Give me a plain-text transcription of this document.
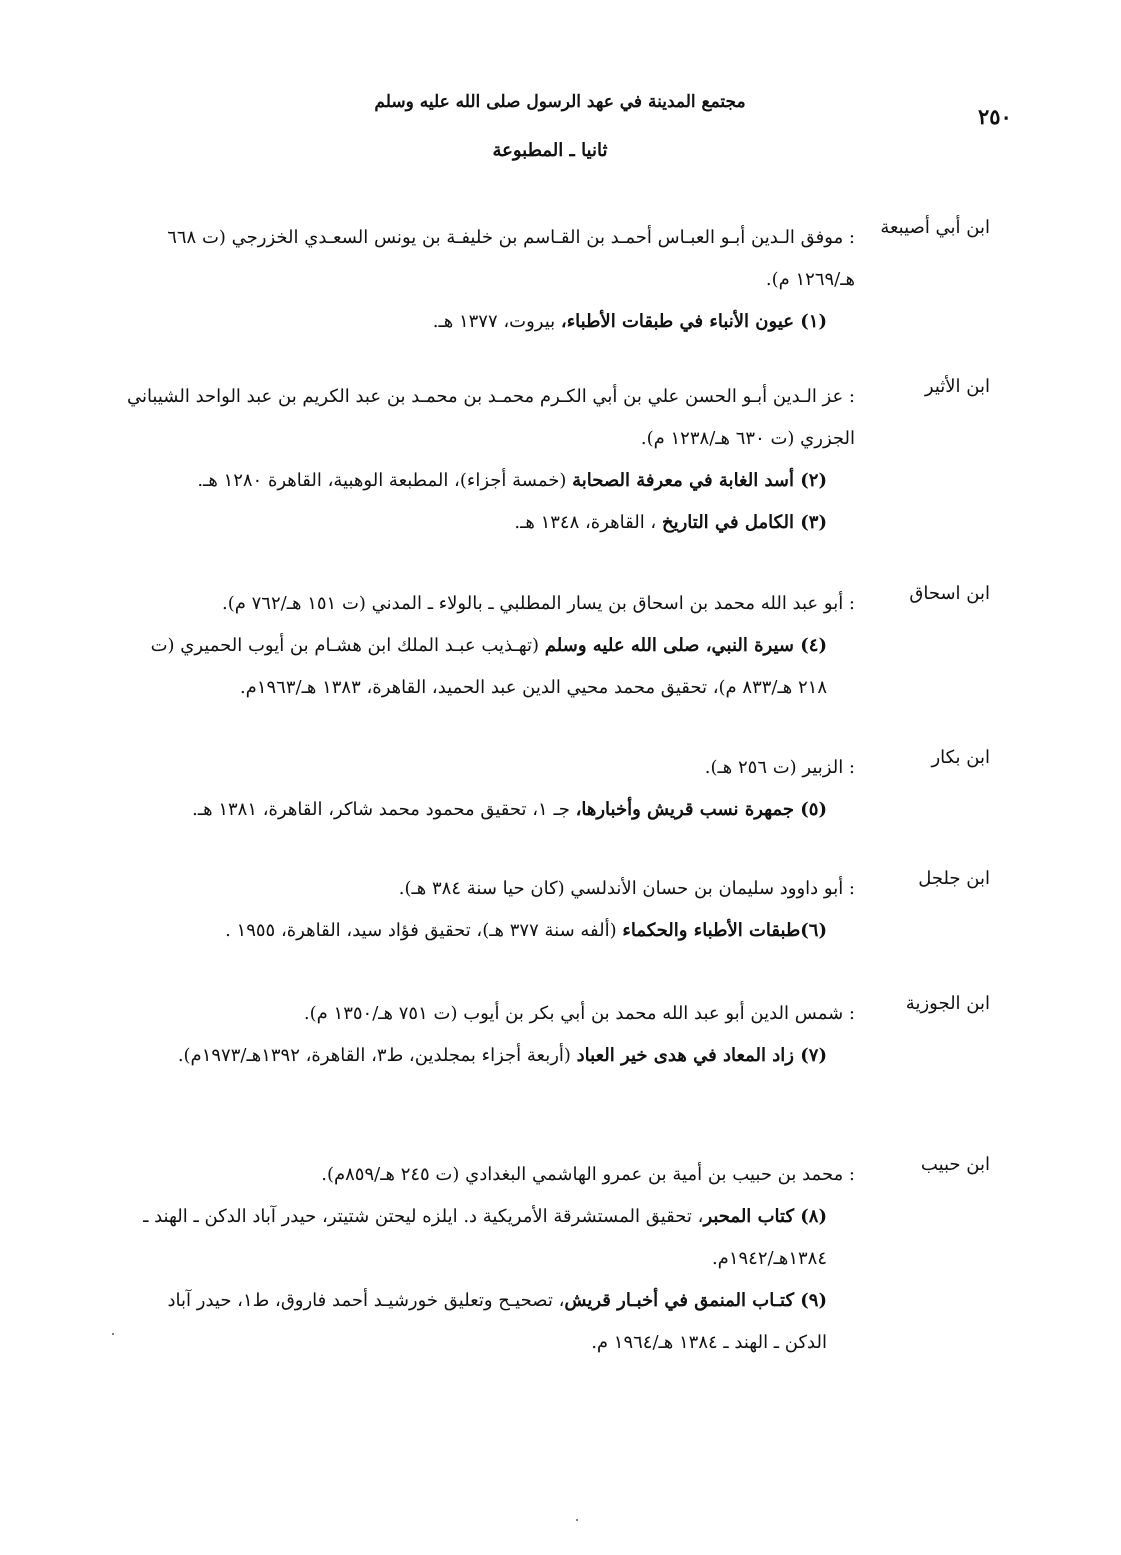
٢٥٠
مجتمع المدينة في عهد الرسول صلى الله عليه وسلم
ثانيا ـ المطبوعة
ابن أبي أصيبعة
: موفق الـدين أبـو العبـاس أحمـد بن القـاسم بن خليفـة بن يونس السعـدي الخزرجي (ت ٦٦٨
هـ/١٢٦٩ م).
(١) عيون الأنباء في طبقات الأطباء، بيروت، ١٣٧٧ هـ.
ابن الأثير
: عز الـدين أبـو الحسن علي بن أبي الكـرم محمـد بن محمـد بن عبد الكريم بن عبد الواحد الشيباني
الجزري (ت ٦٣٠ هـ/١٢٣٨ م).
(٢) أسد الغابة في معرفة الصحابة (خمسة أجزاء)، المطبعة الوهبية، القاهرة ١٢٨٠ هـ.
(٣) الكامل في التاريخ ، القاهرة، ١٣٤٨ هـ.
ابن اسحاق
: أبو عبد الله محمد بن اسحاق بن يسار المطلبي ـ بالولاء ـ المدني (ت ١٥١ هـ/٧٦٢ م).
(٤) سيرة النبي، صلى الله عليه وسلم (تهـذيب عبـد الملك ابن هشـام بن أيوب الحميري (ت
٢١٨ هـ/٨٣٣ م)، تحقيق محمد محيي الدين عبد الحميد، القاهرة، ١٣٨٣ هـ/١٩٦٣م.
ابن بكار
: الزبير (ت ٢٥٦ هـ).
(٥) جمهرة نسب قريش وأخبارها، جـ ١، تحقيق محمود محمد شاكر، القاهرة، ١٣٨١ هـ.
ابن جلجل
: أبو داوود سليمان بن حسان الأندلسي (كان حيا سنة ٣٨٤ هـ).
(٦)طبقات الأطباء والحكماء (ألفه سنة ٣٧٧ هـ)، تحقيق فؤاد سيد، القاهرة، ١٩٥٥ .
ابن الجوزية
: شمس الدين أبو عبد الله محمد بن أبي بكر بن أيوب (ت ٧٥١ هـ/١٣٥٠ م).
(٧) زاد المعاد في هدى خير العباد (أربعة أجزاء بمجلدين، ط٣، القاهرة، ١٣٩٢هـ/١٩٧٣م).
ابن حبيب
: محمد بن حبيب بن أمية بن عمرو الهاشمي البغدادي (ت ٢٤٥ هـ/٨٥٩م).
(٨) كتاب المحبر، تحقيق المستشرقة الأمريكية د. ايلزه ليحتن شتيتر، حيدر آباد الدكن ـ الهند ـ
١٣٨٤هـ/١٩٤٢م.
(٩) كتـاب المنمق في أخبـار قريش، تصحيـح وتعليق خورشيـد أحمد فاروق، ط١، حيدر آباد
الدكن ـ الهند ـ ١٣٨٤ هـ/١٩٦٤ م.
